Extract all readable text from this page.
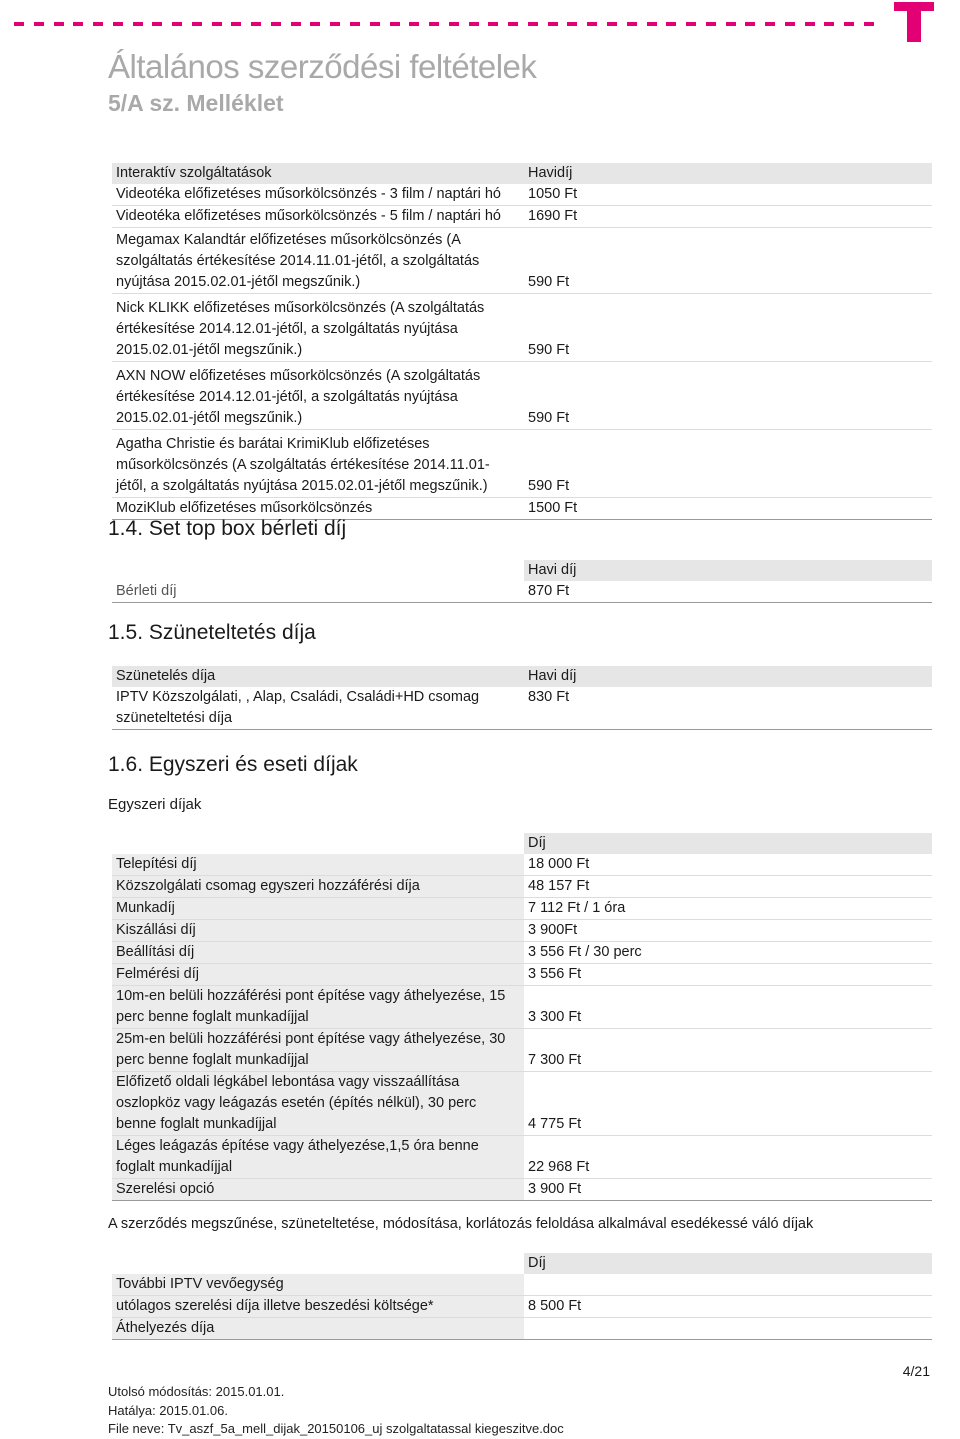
Általános szerződési feltételek
5/A sz. Melléklet
Interaktív szolgáltatások	Havidíj
Videotéka előfizetéses műsorkölcsönzés - 3 film / naptári hó	1050 Ft
Videotéka előfizetéses műsorkölcsönzés - 5 film / naptári hó	1690 Ft
Megamax Kalandtár előfizetéses műsorkölcsönzés (A szolgáltatás értékesítése 2014.11.01-jétől, a szolgáltatás nyújtása 2015.02.01-jétől megszűnik.)	590 Ft
Nick KLIKK előfizetéses műsorkölcsönzés (A szolgáltatás értékesítése 2014.12.01-jétől, a szolgáltatás nyújtása 2015.02.01-jétől megszűnik.)	590 Ft
AXN NOW előfizetéses műsorkölcsönzés (A szolgáltatás értékesítése 2014.12.01-jétől, a szolgáltatás nyújtása 2015.02.01-jétől megszűnik.)	590 Ft
Agatha Christie és barátai KrimiKlub előfizetéses műsorkölcsönzés (A szolgáltatás értékesítése 2014.11.01-jétől, a szolgáltatás nyújtása 2015.02.01-jétől megszűnik.)	590 Ft
MoziKlub előfizetéses műsorkölcsönzés	1500 Ft
1.4. Set top box bérleti díj
	Havi díj
Bérleti díj	870 Ft
1.5. Szüneteltetés díja
Szünetelés díja	Havi díj
IPTV Közszolgálati, , Alap, Családi, Családi+HD csomag szüneteltetési díja	830 Ft
1.6. Egyszeri és eseti díjak

Egyszeri díjak

	Díj
Telepítési díj	18 000 Ft
Közszolgálati csomag egyszeri hozzáférési díja	48 157 Ft
Munkadíj	7 112 Ft / 1 óra
Kiszállási díj	3 900Ft
Beállítási díj	3 556 Ft / 30 perc
Felmérési díj	3 556 Ft
10m-en belüli hozzáférési pont építése vagy áthelyezése, 15 perc benne foglalt munkadíjjal	3 300 Ft
25m-en belüli hozzáférési pont építése vagy áthelyezése, 30 perc benne foglalt munkadíjjal	7 300 Ft
Előfizető oldali légkábel lebontása vagy visszaállítása oszlopköz vagy leágazás esetén (építés nélkül), 30 perc benne foglalt munkadíjjal	4 775 Ft
Léges leágazás építése vagy áthelyezése,1,5 óra benne foglalt munkadíjjal	22 968 Ft
Szerelési opció	3 900 Ft

A szerződés megszűnése, szüneteltetése, módosítása, korlátozás feloldása alkalmával esedékessé váló díjak

	Díj
További IPTV vevőegység	
utólagos szerelési díja illetve beszedési költsége*	8 500 Ft
Áthelyezés díja	
4/21
Utolsó módosítás: 2015.01.01.
Hatálya: 2015.01.06.
File neve: Tv_aszf_5a_mell_dijak_20150106_uj szolgaltatassal kiegeszitve.doc
